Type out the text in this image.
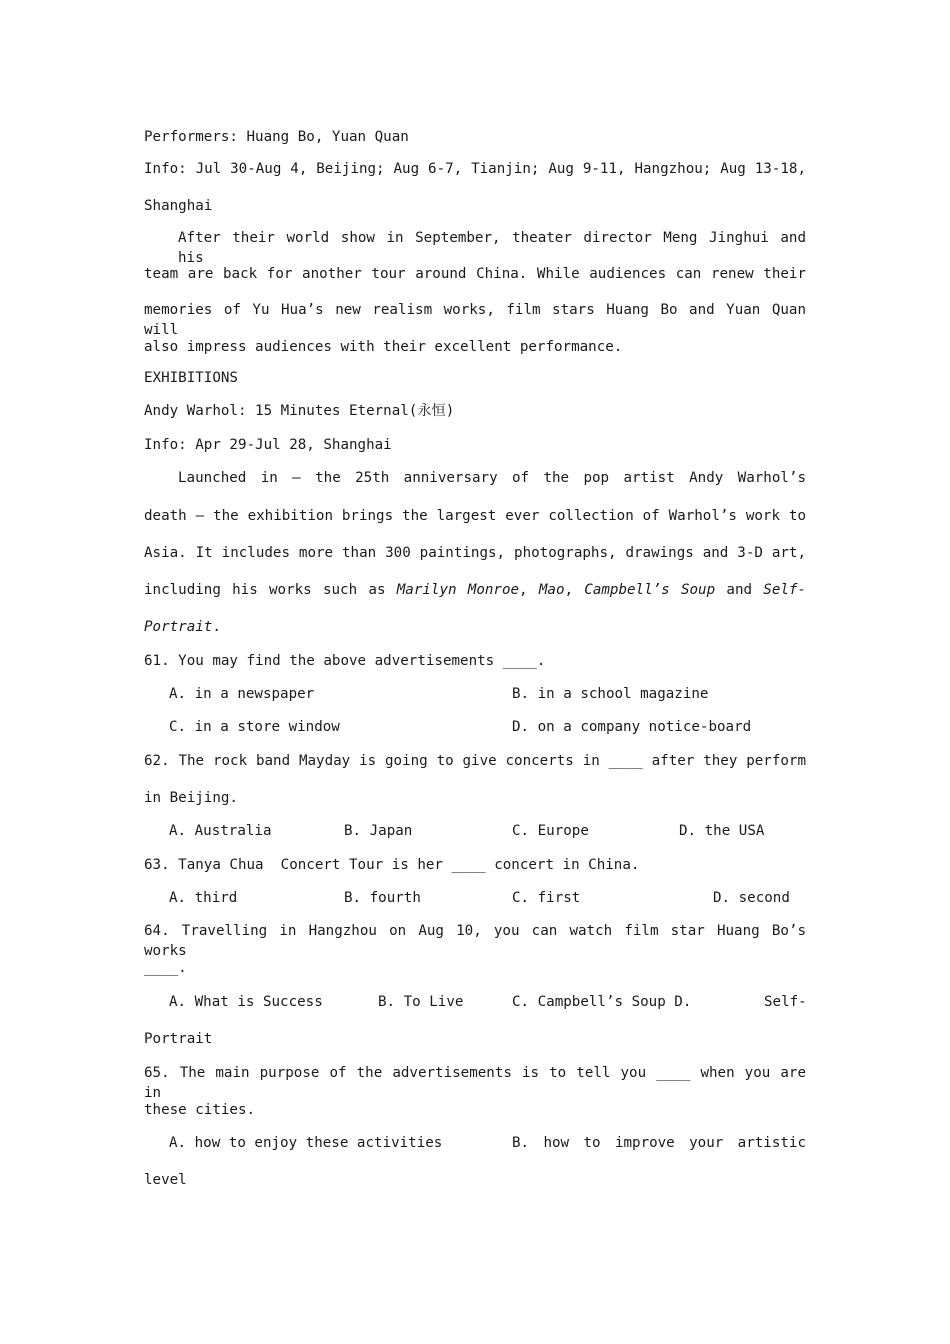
Performers: Huang Bo, Yuan Quan
Info: Jul 30-Aug 4, Beijing; Aug 6-7, Tianjin; Aug 9-11, Hangzhou; Aug 13-18,
Shanghai
After their world show in September, theater director Meng Jinghui and his
team are back for another tour around China. While audiences can renew their
memories of Yu Hua’s new realism works, film stars Huang Bo and Yuan Quan will
also impress audiences with their excellent performance.
EXHIBITIONS
Andy Warhol: 15 Minutes Eternal(永恒)
Info: Apr 29-Jul 28, Shanghai
Launched in — the 25th anniversary of the pop artist Andy Warhol’s
death — the exhibition brings the largest ever collection of Warhol’s work to
Asia. It includes more than 300 paintings, photographs, drawings and 3-D art,
including his works such as Marilyn Monroe, Mao, Campbell’s Soup and Self-
Portrait.
61. You may find the above advertisements ____.
A. in a newspaper	B. in a school magazine
C. in a store window	D. on a company notice-board
62. The rock band Mayday is going to give concerts in ____ after they perform
in Beijing.
A. Australia	B. Japan	C. Europe	D. the USA
63. Tanya Chua  Concert Tour is her ____ concert in China.
A. third	B. fourth	C. first	D. second
64. Travelling in Hangzhou on Aug 10, you can watch film star Huang Bo’s works
____.
A. What is Success	B. To Live	C. Campbell’s Soup D.	Self-
Portrait
65. The main purpose of the advertisements is to tell you ____ when you are in
these cities.
A. how to enjoy these activities	B. how to improve your artistic
level
